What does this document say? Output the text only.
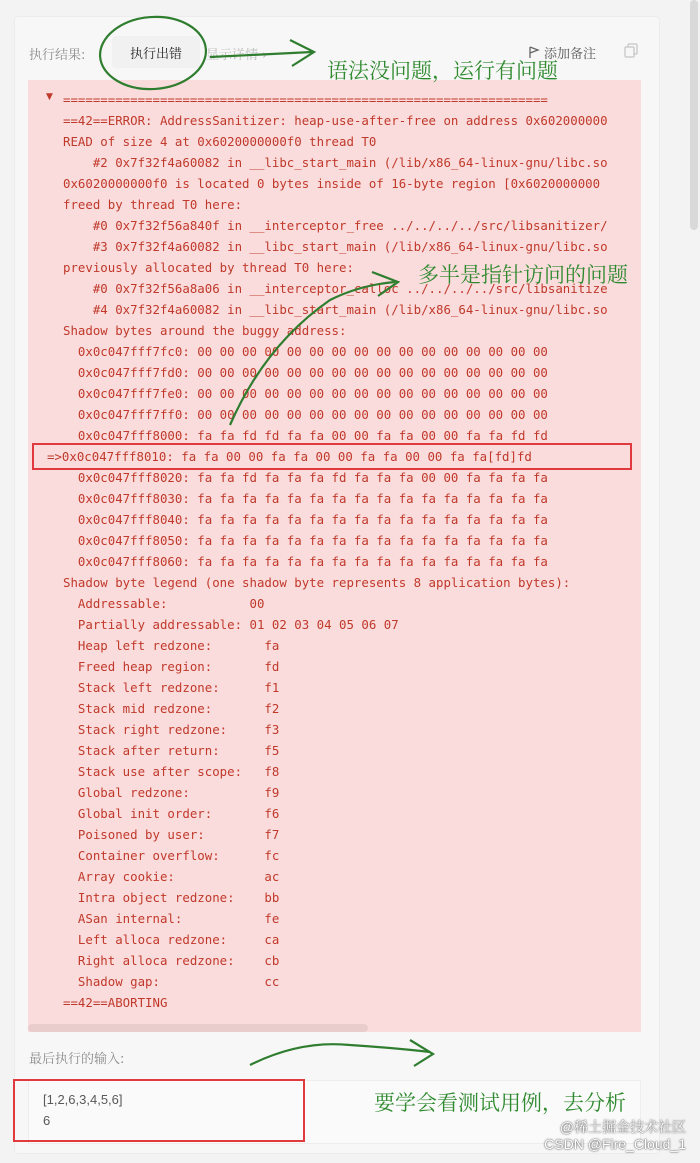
执行结果:	执行出错	显示详情 ›	添加备注
▼ =================================================================
==42==ERROR: AddressSanitizer: heap-use-after-free on address 0x602000000
READ of size 4 at 0x6020000000f0 thread T0
#2 0x7f32f4a60082 in __libc_start_main (/lib/x86_64-linux-gnu/libc.so
0x6020000000f0 is located 0 bytes inside of 16-byte region [0x6020000000
freed by thread T0 here:
#0 0x7f32f56a840f in __interceptor_free ../../../../src/libsanitizer/
#3 0x7f32f4a60082 in __libc_start_main (/lib/x86_64-linux-gnu/libc.so
previously allocated by thread T0 here:
#0 0x7f32f56a8a06 in __interceptor_calloc ../../../../src/libsanitize
#4 0x7f32f4a60082 in __libc_start_main (/lib/x86_64-linux-gnu/libc.so
Shadow bytes around the buggy address:
0x0c047fff7fc0: 00 00 00 00 00 00 00 00 00 00 00 00 00 00 00 00
0x0c047fff7fd0: 00 00 00 00 00 00 00 00 00 00 00 00 00 00 00 00
0x0c047fff7fe0: 00 00 00 00 00 00 00 00 00 00 00 00 00 00 00 00
0x0c047fff7ff0: 00 00 00 00 00 00 00 00 00 00 00 00 00 00 00 00
0x0c047fff8000: fa fa fd fd fa fa 00 00 fa fa 00 00 fa fa fd fd
=>0x0c047fff8010: fa fa 00 00 fa fa 00 00 fa fa 00 00 fa fa[fd]fd
0x0c047fff8020: fa fa fd fa fa fa fd fa fa fa 00 00 fa fa fa fa
0x0c047fff8030: fa fa fa fa fa fa fa fa fa fa fa fa fa fa fa fa
0x0c047fff8040: fa fa fa fa fa fa fa fa fa fa fa fa fa fa fa fa
0x0c047fff8050: fa fa fa fa fa fa fa fa fa fa fa fa fa fa fa fa
0x0c047fff8060: fa fa fa fa fa fa fa fa fa fa fa fa fa fa fa fa
Shadow byte legend (one shadow byte represents 8 application bytes):
Addressable:           00
Partially addressable: 01 02 03 04 05 06 07
Heap left redzone:       fa
Freed heap region:       fd
Stack left redzone:      f1
Stack mid redzone:       f2
Stack right redzone:     f3
Stack after return:      f5
Stack use after scope:   f8
Global redzone:          f9
Global init order:       f6
Poisoned by user:        f7
Container overflow:      fc
Array cookie:            ac
Intra object redzone:    bb
ASan internal:           fe
Left alloca redzone:     ca
Right alloca redzone:    cb
Shadow gap:              cc
==42==ABORTING
最后执行的输入:
[1,2,6,3,4,5,6]
6
语法没问题，运行有问题
多半是指针访问的问题
要学会看测试用例，去分析
@稀土掘金技术社区
CSDN @Fire_Cloud_1
